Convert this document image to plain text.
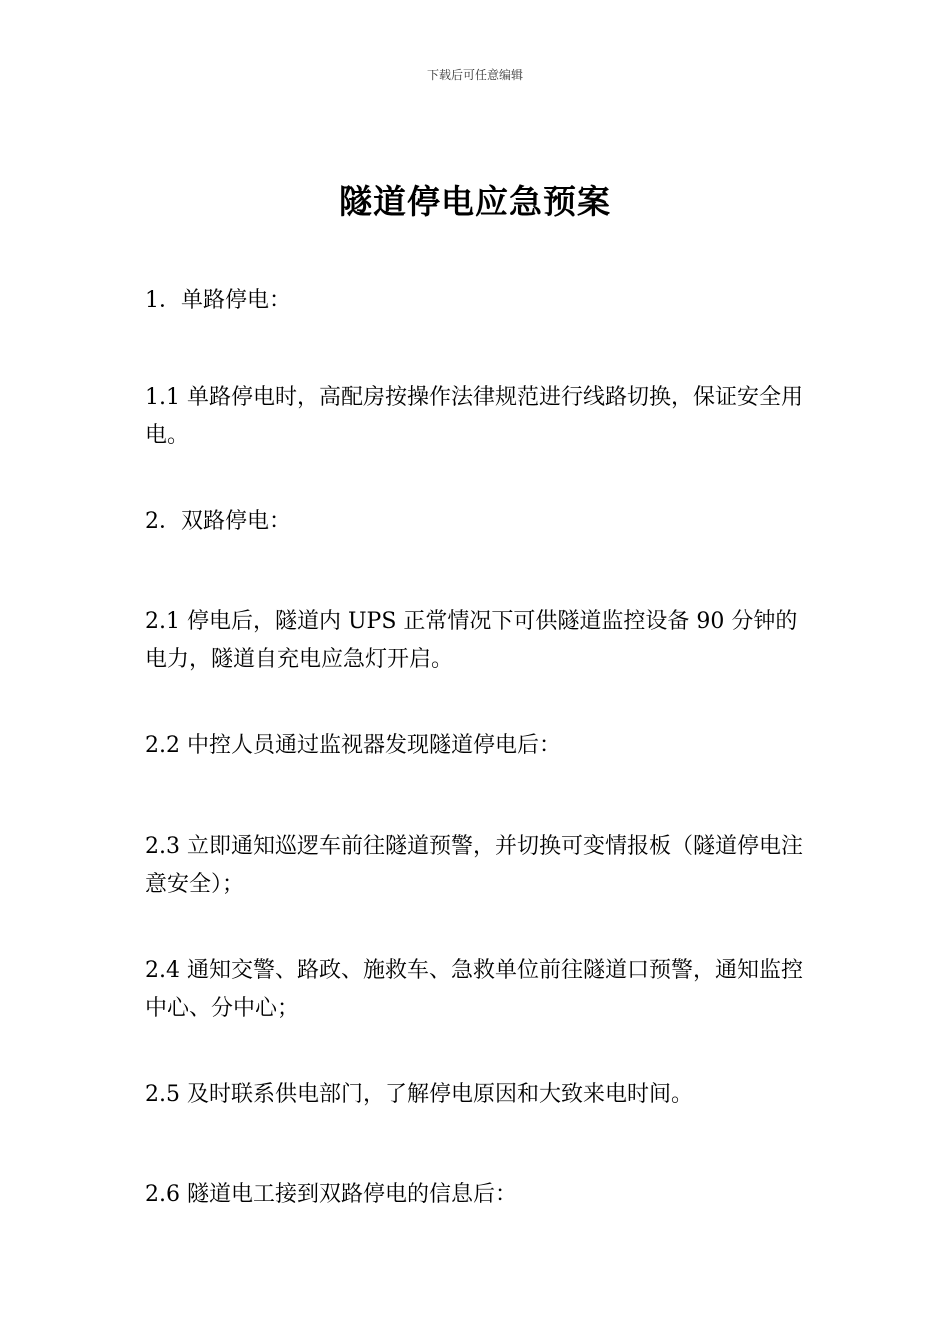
下载后可任意编辑
隧道停电应急预案
1．单路停电：
1.1 单路停电时，高配房按操作法律规范进行线路切换，保证安全用电。
2．双路停电：
2.1 停电后，隧道内 UPS 正常情况下可供隧道监控设备 90 分钟的电力，隧道自充电应急灯开启。
2.2 中控人员通过监视器发现隧道停电后：
2.3 立即通知巡逻车前往隧道预警，并切换可变情报板（隧道停电注意安全）；
2.4 通知交警、路政、施救车、急救单位前往隧道口预警，通知监控中心、分中心；
2.5 及时联系供电部门，了解停电原因和大致来电时间。
2.6 隧道电工接到双路停电的信息后：
